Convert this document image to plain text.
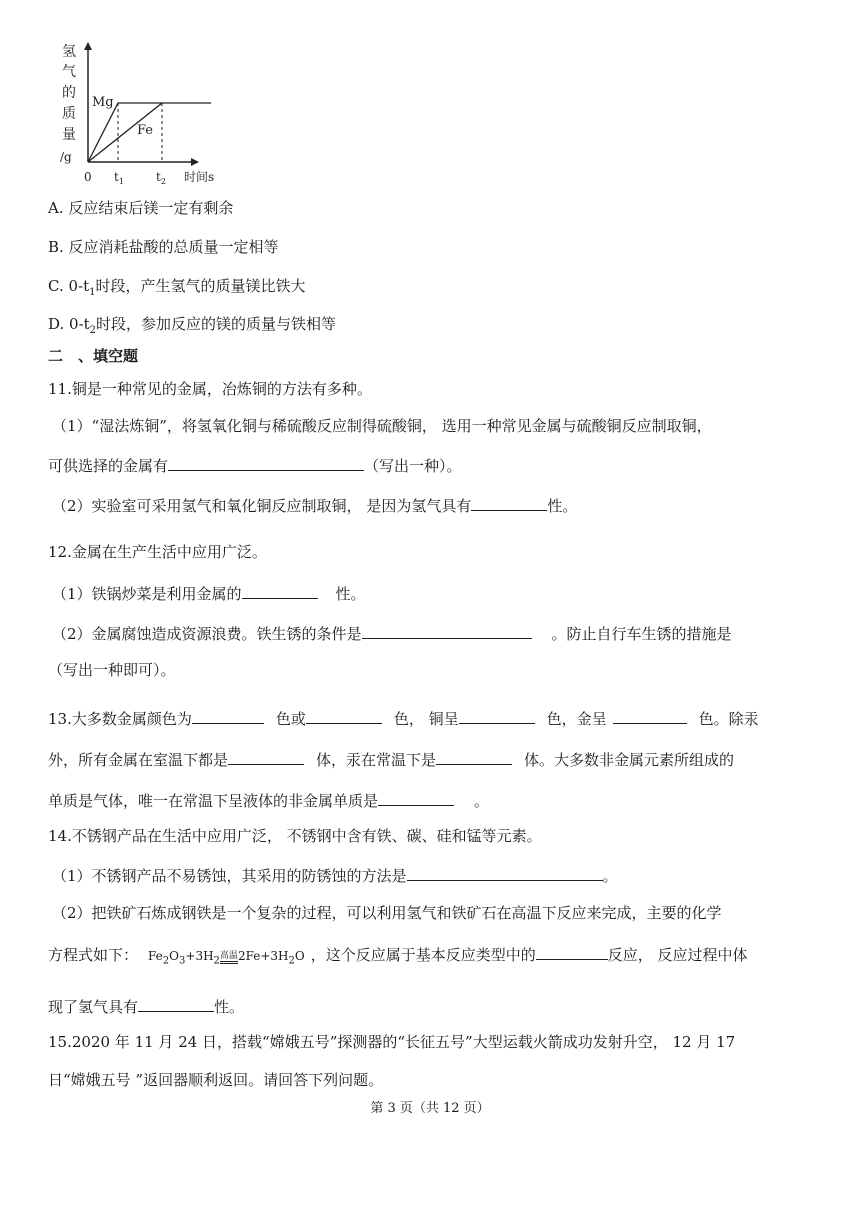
氢
气
的
质
量
/g
时间s
0 $t_1$	$t_2$
Mg
Fe
A. 反应结束后镁一定有剩余
B. 反应消耗盐酸的总质量一定相等
C. $0-t_1$时段，产生氢气的质量镁比铁大
D. $0-t_2$时段，参加反应的镁的质量与铁相等
二　、填空题
11.铜是一种常见的金属，冶炼铜的方法有多种。
（1）“湿法炼铜”，将氢氧化铜与稀硫酸反应制得硫酸铜， 选用一种常见金属与硫酸铜反应制取铜，
可供选择的金属有	（写出一种）。
（2）实验室可采用氢气和氧化铜反应制取铜， 是因为氢气具有	性。
12.金属在生产生活中应用广泛。
（1）铁锅炒菜是利用金属的	性。
（2）金属腐蚀造成资源浪费。铁生锈的条件是	。防止自行车生锈的措施是
（写出一种即可）。
13.大多数金属颜色为	色或	色， 铜呈	色，金呈	色。除汞
外，所有金属在室温下都是	体，汞在常温下是	体。大多数非金属元素所组成的
单质是气体，唯一在常温下呈液体的非金属单质是	。
14.不锈钢产品在生活中应用广泛， 不锈钢中含有铁、碳、硅和锰等元素。
（1）不锈钢产品不易锈蚀，其采用的防锈蚀的方法是	。
（2）把铁矿石炼成钢铁是一个复杂的过程，可以利用氢气和铁矿石在高温下反应来完成，主要的化学
方程式如下： $Fe_2O_3+3H_2$高温$2Fe+3H_2O$ ，这个反应属于基本反应类型中的	反应， 反应过程中体
现了氢气具有	性。
15.2020 年 11 月 24 日，搭载“嫦娥五号”探测器的“长征五号”大型运载火箭成功发射升空， 12 月 17
日“嫦娥五号 ”返回器顺利返回。请回答下列问题。
第 3 页（共 12 页）
